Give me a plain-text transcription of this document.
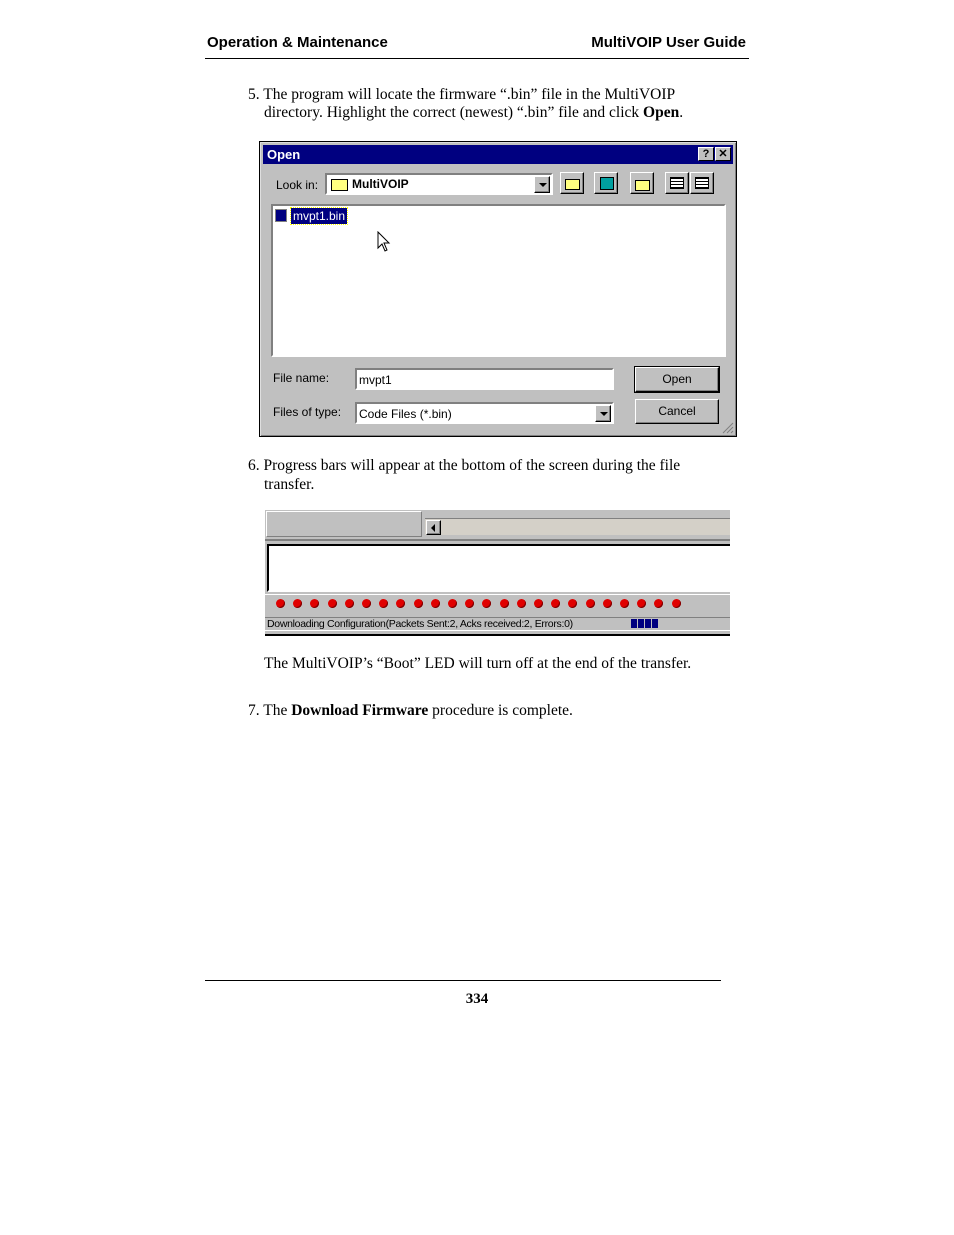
Operation & Maintenance	MultiVOIP User Guide
5. The program will locate the firmware “.bin” file in the MultiVOIP
directory. Highlight the correct (newest) “.bin” file and click Open.
Open	? ✕
Look in:	MultiVOIP
mvpt1.bin
File name: mvpt1
Files of type: Code Files (*.bin)
Open
Cancel
6. Progress bars will appear at the bottom of the screen during the file
transfer.
Downloading Configuration(Packets Sent:2, Acks received:2, Errors:0)
The MultiVOIP’s “Boot” LED will turn off at the end of the transfer.
7. The Download Firmware procedure is complete.
334
